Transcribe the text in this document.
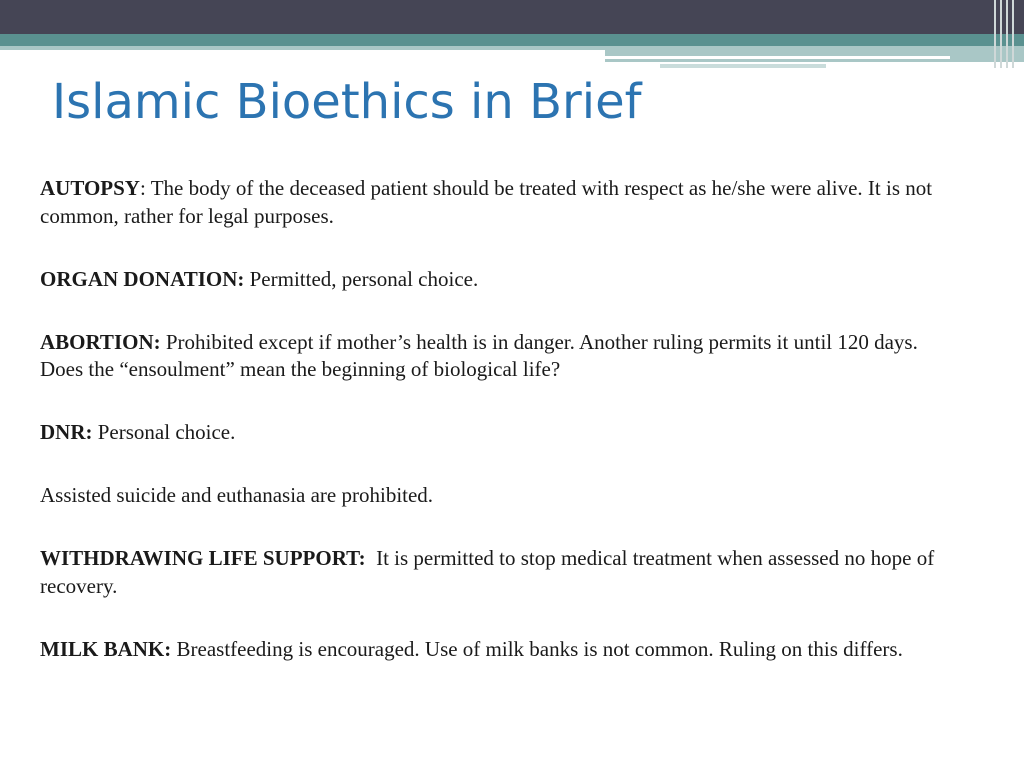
Islamic Bioethics in Brief

AUTOPSY: The body of the deceased patient should be treated with respect as he/she were alive. It is not common, rather for legal purposes.

ORGAN DONATION: Permitted, personal choice.

ABORTION: Prohibited except if mother’s health is in danger. Another ruling permits it until 120 days. Does the “ensoulment” mean the beginning of biological life?

DNR: Personal choice.

Assisted suicide and euthanasia are prohibited.

WITHDRAWING LIFE SUPPORT: It is permitted to stop medical treatment when assessed no hope of recovery.

MILK BANK: Breastfeeding is encouraged. Use of milk banks is not common. Ruling on this differs.
